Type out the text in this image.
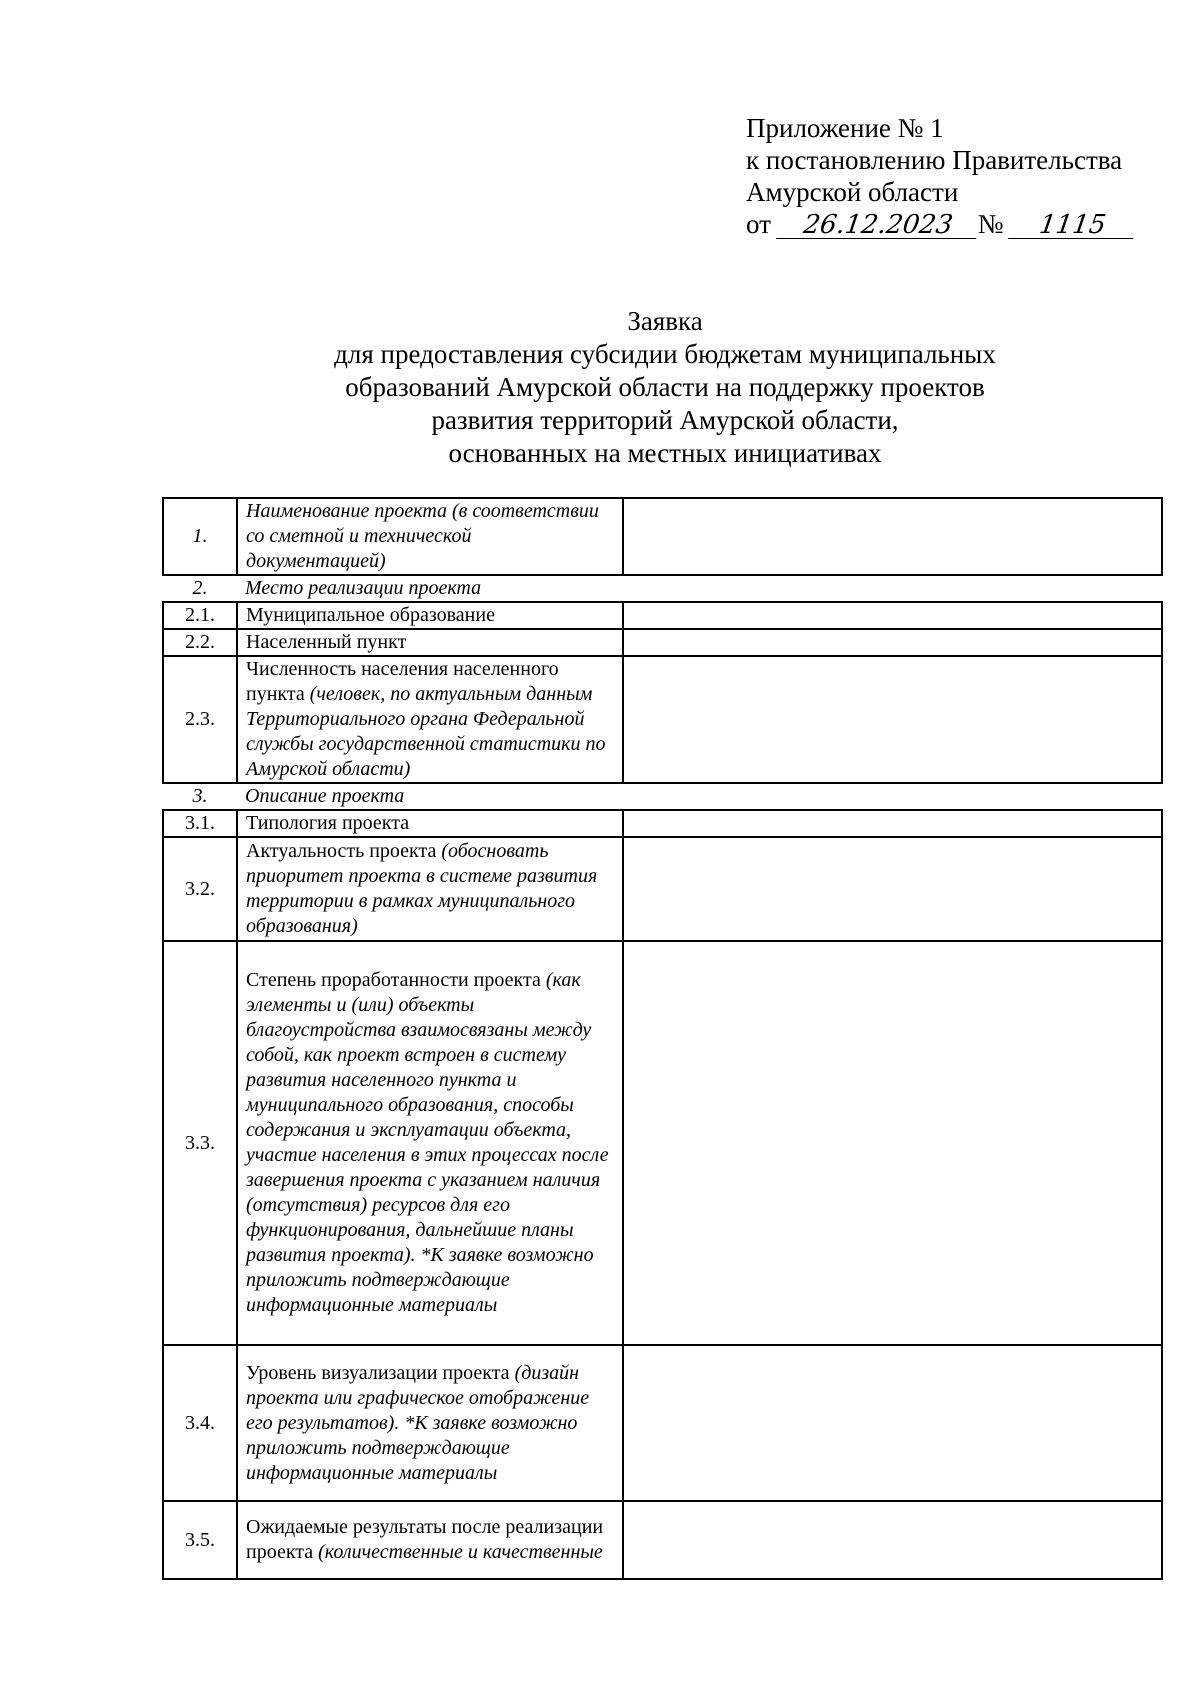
Приложение № 1
к постановлению Правительства
Амурской области
от 26.12.2023 № 1115
Заявка
для предоставления субсидии бюджетам муниципальных
образований Амурской области на поддержку проектов
развития территорий Амурской области,
основанных на местных инициативах
1.	Наименование проекта (в соответствии со сметной и технической документацией)	
2.	Место реализации проекта	
2.1.	Муниципальное образование	
2.2.	Населенный пункт	
2.3.	Численность населения населенного пункта (человек, по актуальным данным Территориального органа Федеральной службы государственной статистики по Амурской области)	
3.	Описание проекта	
3.1.	Типология проекта	
3.2.	Актуальность проекта (обосновать приоритет проекта в системе развития территории в рамках муниципального образования)	
3.3.	Степень проработанности проекта (как элементы и (или) объекты благоустройства взаимосвязаны между собой, как проект встроен в систему развития населенного пункта и муниципального образования, способы содержания и эксплуатации объекта, участие населения в этих процессах после завершения проекта с указанием наличия (отсутствия) ресурсов для его функционирования, дальнейшие планы развития проекта). *К заявке возможно приложить подтверждающие информационные материалы	
3.4.	Уровень визуализации проекта (дизайн проекта или графическое отображение его результатов). *К заявке возможно приложить подтверждающие информационные материалы	
3.5.	Ожидаемые результаты после реализации проекта (количественные и качественные	
